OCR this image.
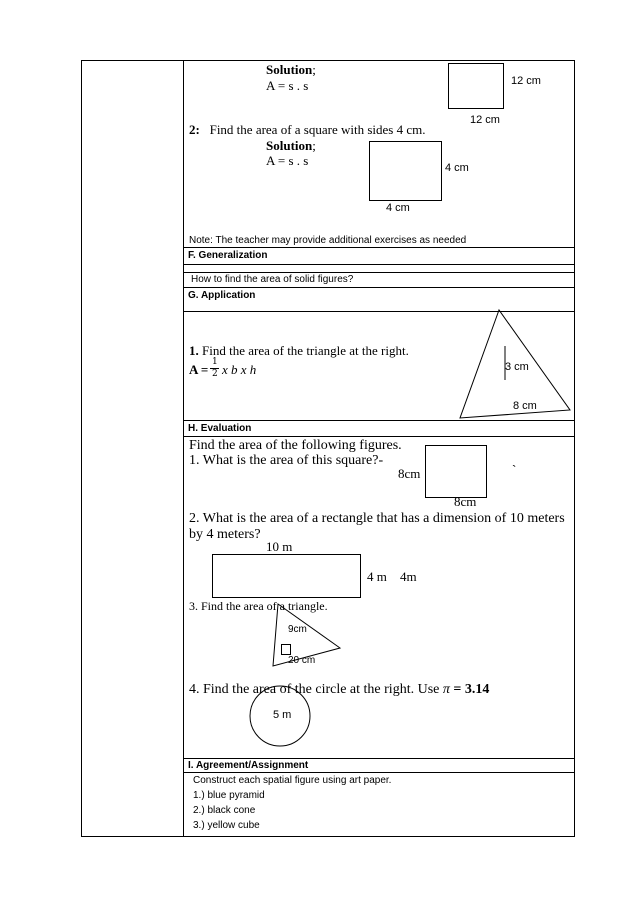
Solution;
A = s . s	12 cm
12 cm
2: Find the area of a square with sides 4 cm.
Solution;
A = s . s	4 cm
4 cm
Note: The teacher may provide additional exercises as needed
F. Generalization
How to find the area of solid figures?
G. Application
1. Find the area of the triangle at the right.
A = 1
2 x b x h	3 cm
8 cm
H. Evaluation
Find the area of the following figures.
1. What is the area of this square?-
8cm
8cm
`
2. What is the area of a rectangle that has a dimension of 10 meters by 4 meters?
10 m
4 m 4m
3. Find the area of a triangle.
9cm
20 cm
4. Find the area of the circle at the right. Use π = 3.14
5 m
I. Agreement/Assignment
Construct each spatial figure using art paper.
1.) blue pyramid
2.) black cone
3.) yellow cube
